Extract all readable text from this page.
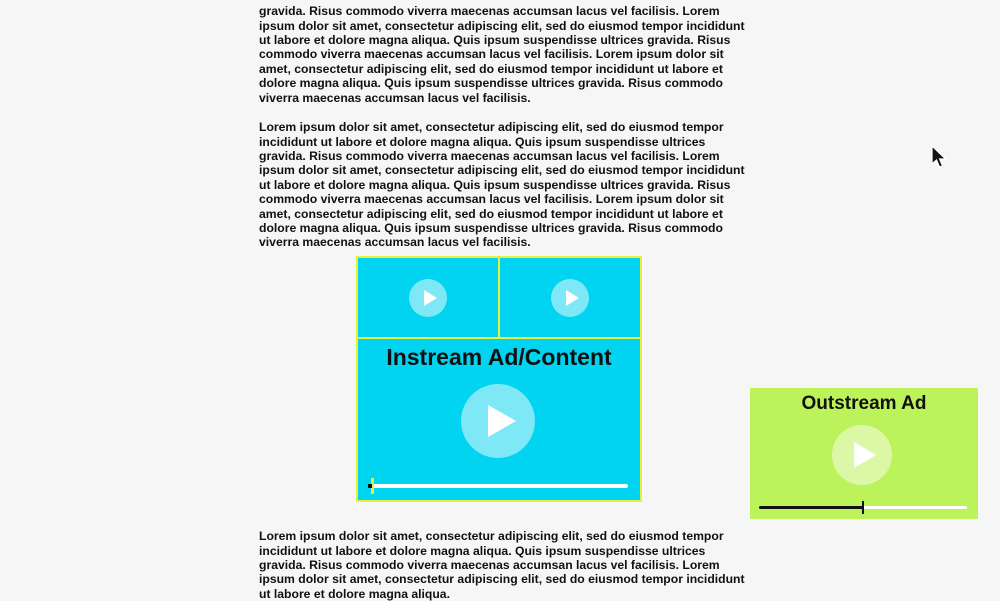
gravida. Risus commodo viverra maecenas accumsan lacus vel facilisis. Lorem ipsum dolor sit amet, consectetur adipiscing elit, sed do eiusmod tempor incididunt ut labore et dolore magna aliqua. Quis ipsum suspendisse ultrices gravida. Risus commodo viverra maecenas accumsan lacus vel facilisis. Lorem ipsum dolor sit amet, consectetur adipiscing elit, sed do eiusmod tempor incididunt ut labore et dolore magna aliqua. Quis ipsum suspendisse ultrices gravida. Risus commodo viverra maecenas accumsan lacus vel facilisis.

Lorem ipsum dolor sit amet, consectetur adipiscing elit, sed do eiusmod tempor incididunt ut labore et dolore magna aliqua. Quis ipsum suspendisse ultrices gravida. Risus commodo viverra maecenas accumsan lacus vel facilisis. Lorem ipsum dolor sit amet, consectetur adipiscing elit, sed do eiusmod tempor incididunt ut labore et dolore magna aliqua. Quis ipsum suspendisse ultrices gravida. Risus commodo viverra maecenas accumsan lacus vel facilisis. Lorem ipsum dolor sit amet, consectetur adipiscing elit, sed do eiusmod tempor incididunt ut labore et dolore magna aliqua. Quis ipsum suspendisse ultrices gravida. Risus commodo viverra maecenas accumsan lacus vel facilisis.

Instream Ad/Content

Lorem ipsum dolor sit amet, consectetur adipiscing elit, sed do eiusmod tempor incididunt ut labore et dolore magna aliqua. Quis ipsum suspendisse ultrices gravida. Risus commodo viverra maecenas accumsan lacus vel facilisis. Lorem ipsum dolor sit amet, consectetur adipiscing elit, sed do eiusmod tempor incididunt ut labore et dolore magna aliqua.

Outstream Ad
